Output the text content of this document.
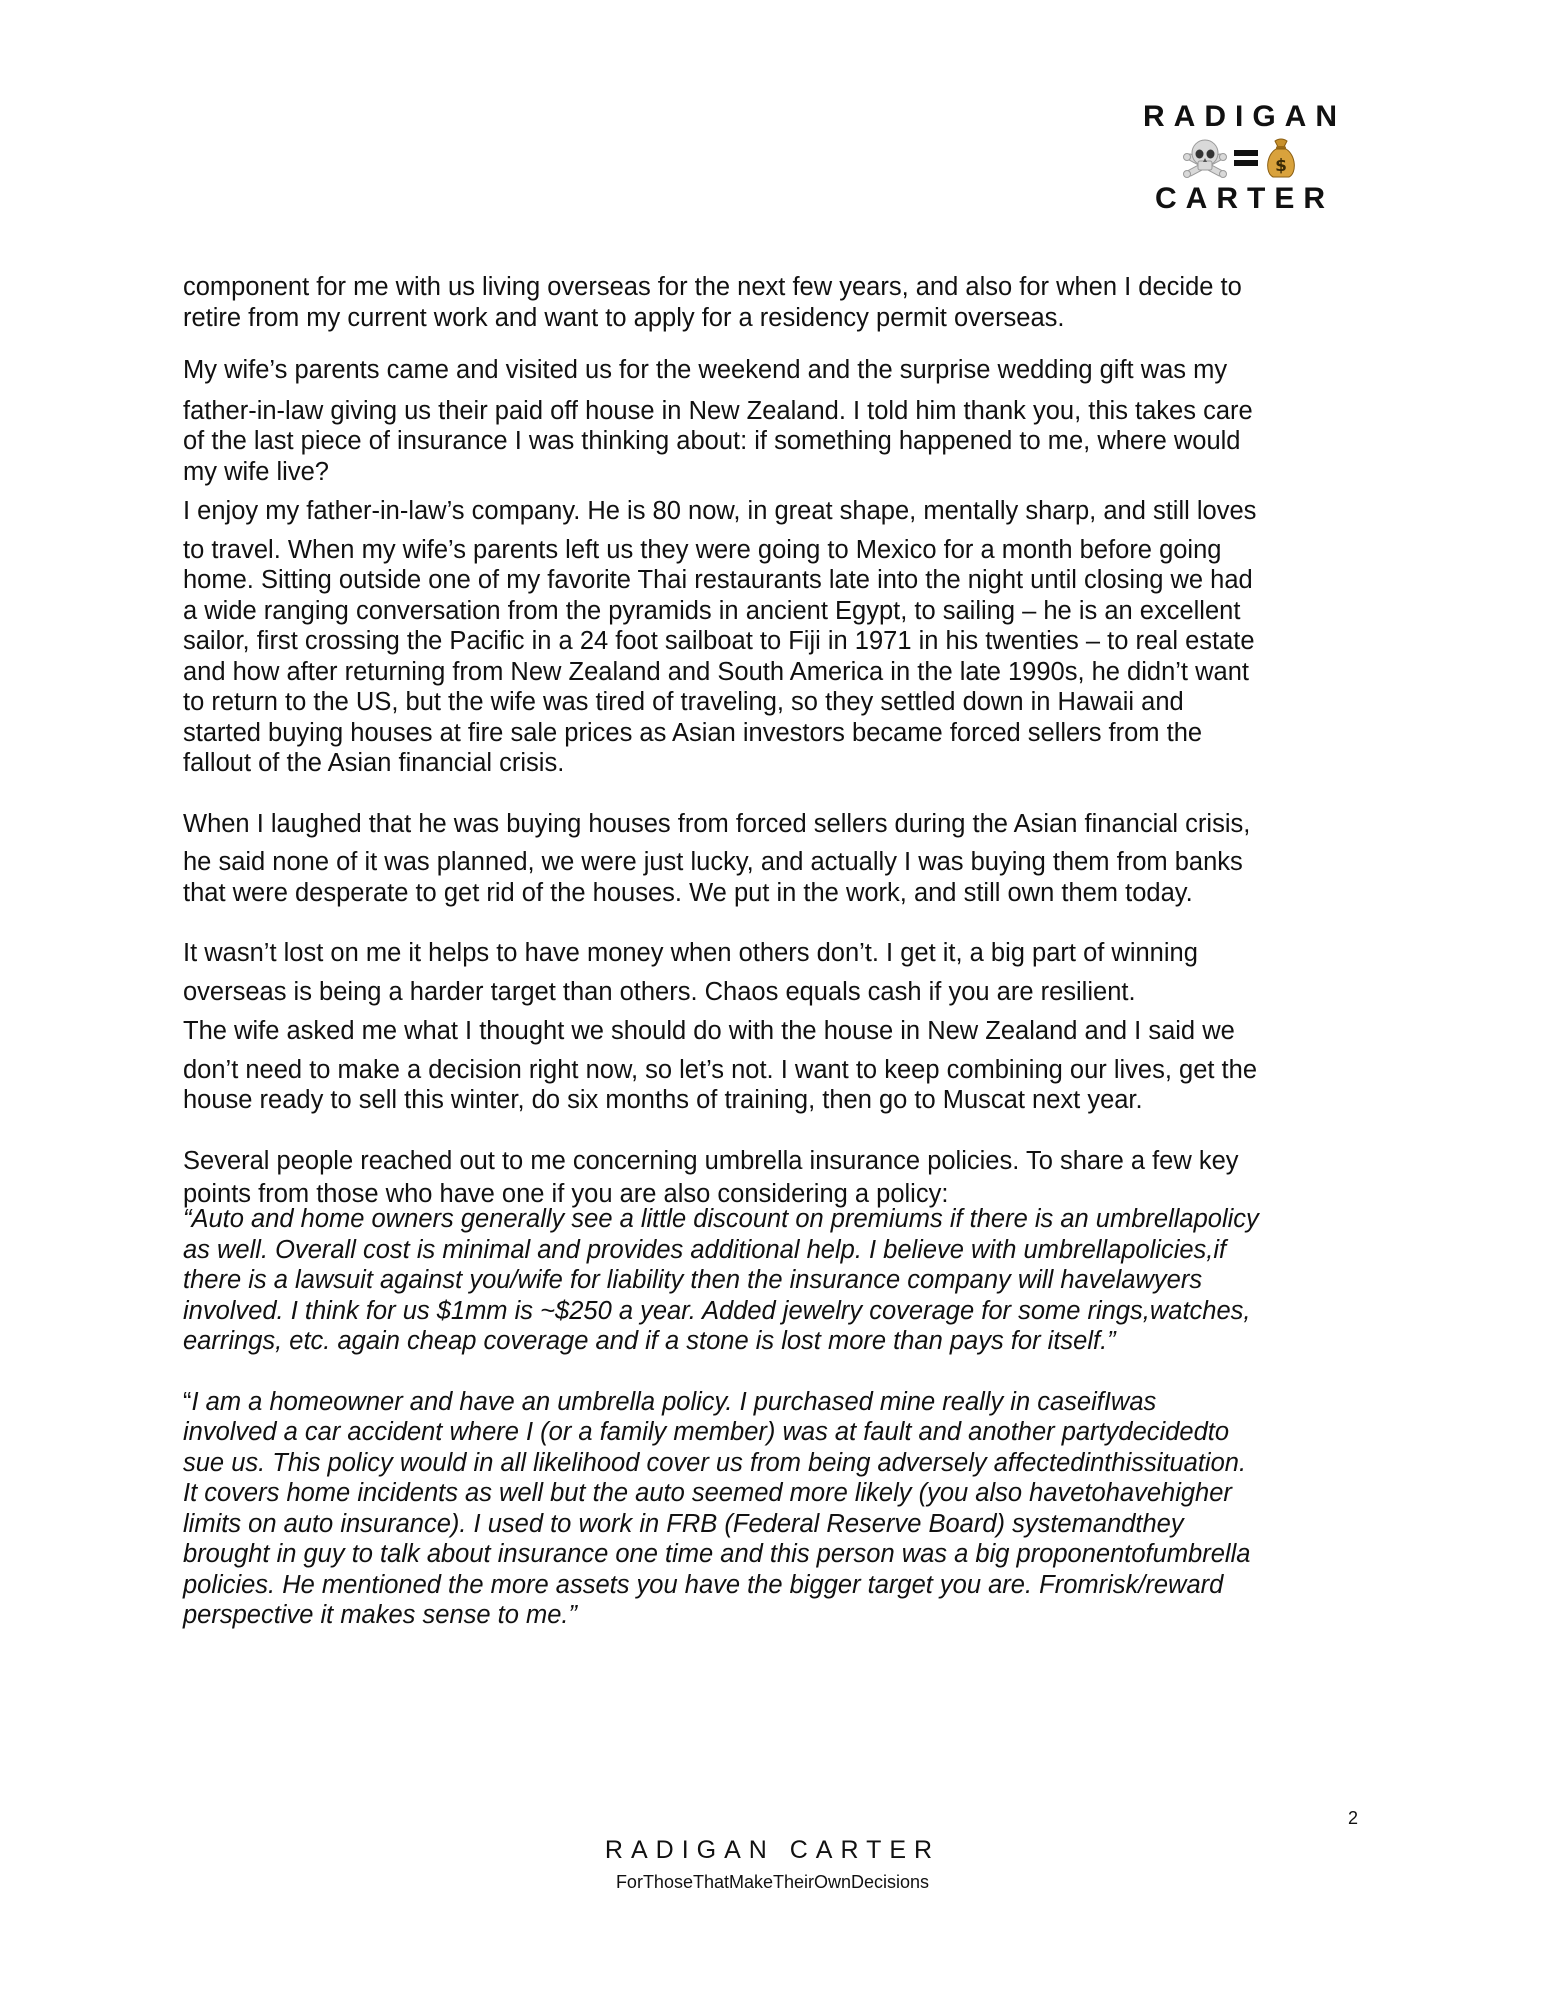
RADIGAN
$
CARTER

component for me with us living overseas for the next few years, and also for when I decide to
retire from my current work and want to apply for a residency permit overseas.

My wife’s parents came and visited us for the weekend and the surprise wedding gift was my
father-in-law giving us their paid off house in New Zealand. I told him thank you, this takes care
of the last piece of insurance I was thinking about: if something happened to me, where would
my wife live?

I enjoy my father-in-law’s company. He is 80 now, in great shape, mentally sharp, and still loves
to travel. When my wife’s parents left us they were going to Mexico for a month before going
home. Sitting outside one of my favorite Thai restaurants late into the night until closing we had
a wide ranging conversation from the pyramids in ancient Egypt, to sailing – he is an excellent
sailor, first crossing the Pacific in a 24 foot sailboat to Fiji in 1971 in his twenties – to real estate
and how after returning from New Zealand and South America in the late 1990s, he didn’t want
to return to the US, but the wife was tired of traveling, so they settled down in Hawaii and
started buying houses at fire sale prices as Asian investors became forced sellers from the
fallout of the Asian financial crisis.

When I laughed that he was buying houses from forced sellers during the Asian financial crisis,
he said none of it was planned, we were just lucky, and actually I was buying them from banks
that were desperate to get rid of the houses. We put in the work, and still own them today.

It wasn’t lost on me it helps to have money when others don’t. I get it, a big part of winning
overseas is being a harder target than others. Chaos equals cash if you are resilient.

The wife asked me what I thought we should do with the house in New Zealand and I said we
don’t need to make a decision right now, so let’s not. I want to keep combining our lives, get the
house ready to sell this winter, do six months of training, then go to Muscat next year.

Several people reached out to me concerning umbrella insurance policies. To share a few key
points from those who have one if you are also considering a policy:

“Auto and home owners generally see a little discount on premiums if there is an umbrellapolicy
as well. Overall cost is minimal and provides additional help. I believe with umbrellapolicies,if
there is a lawsuit against you/wife for liability then the insurance company will havelawyers
involved. I think for us $1mm is ~$250 a year. Added jewelry coverage for some rings,watches,
earrings, etc. again cheap coverage and if a stone is lost more than pays for itself.”

“I am a homeowner and have an umbrella policy. I purchased mine really in caseifIwas
involved a car accident where I (or a family member) was at fault and another partydecidedto
sue us. This policy would in all likelihood cover us from being adversely affectedinthissituation.
It covers home incidents as well but the auto seemed more likely (you also havetohavehigher
limits on auto insurance). I used to work in FRB (Federal Reserve Board) systemandthey
brought in guy to talk about insurance one time and this person was a big proponentofumbrella
policies. He mentioned the more assets you have the bigger target you are. Fromrisk/reward
perspective it makes sense to me.”

2
RADIGAN CARTER
ForThoseThatMakeTheirOwnDecisions
